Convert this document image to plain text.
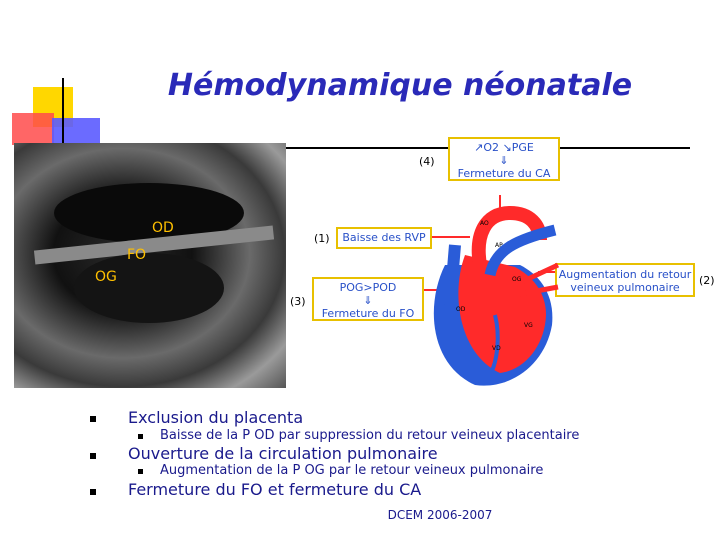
Hémodynamique néonatale
OD
FO
OG
↗O2 ↘PGE
⇓
Fermeture du CA
(4)
Baisse des RVP
(1)
POG>POD
⇓
Fermeture du FO
(3)
Augmentation du retour
veineux pulmonaire
(2)
AO
AP
OG
OD
VG
VD
Exclusion du placenta
Baisse de la P OD par suppression du retour veineux placentaire
Ouverture de la circulation pulmonaire
Augmentation de la P OG par le retour veineux pulmonaire
Fermeture du FO et fermeture du CA
DCEM 2006-2007
